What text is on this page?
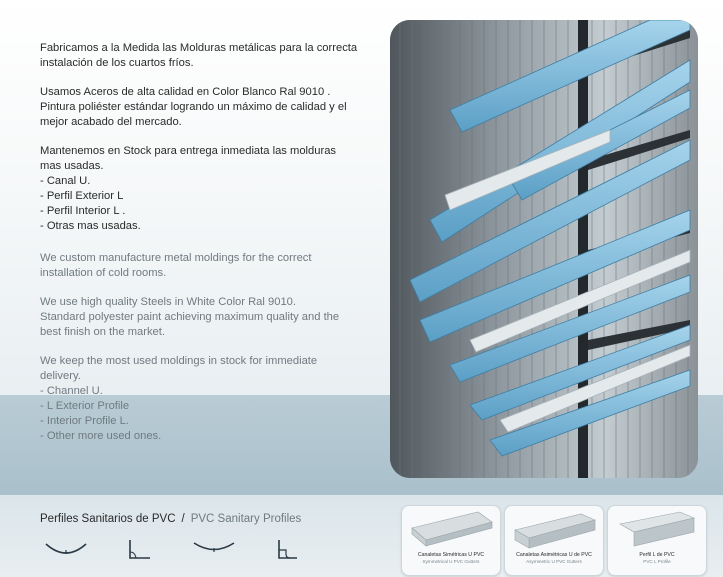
Fabricamos a la Medida las Molduras metálicas para la correcta
instalación de los cuartos fríos.

Usamos Aceros de alta calidad en Color Blanco Ral 9010 .
Pintura poliéster estándar logrando un máximo de calidad y el
mejor acabado del mercado.

Mantenemos en Stock para entrega inmediata las molduras
mas usadas.

- Canal U.
- Perfil Exterior L
- Perfil Interior L .
- Otras mas usadas.

We custom manufacture metal moldings for the correct
installation of cold rooms.

We use high quality Steels in White Color Ral 9010.
Standard polyester paint achieving maximum quality and the
best finish on the market.

We keep the most used moldings in stock for immediate
delivery.

- Channel U.
- L Exterior Profile
- Interior Profile L.
- Other more used ones.
Perfiles Sanitarios de PVC / PVC Sanitary Profiles
Canaletas Simétricas U PVC
Symmetrical U PVC Gutters
Canaletas Asimétricas U de PVC
Asymmetric U PVC Gutters
Perfil L de PVC
PVC L Profile
